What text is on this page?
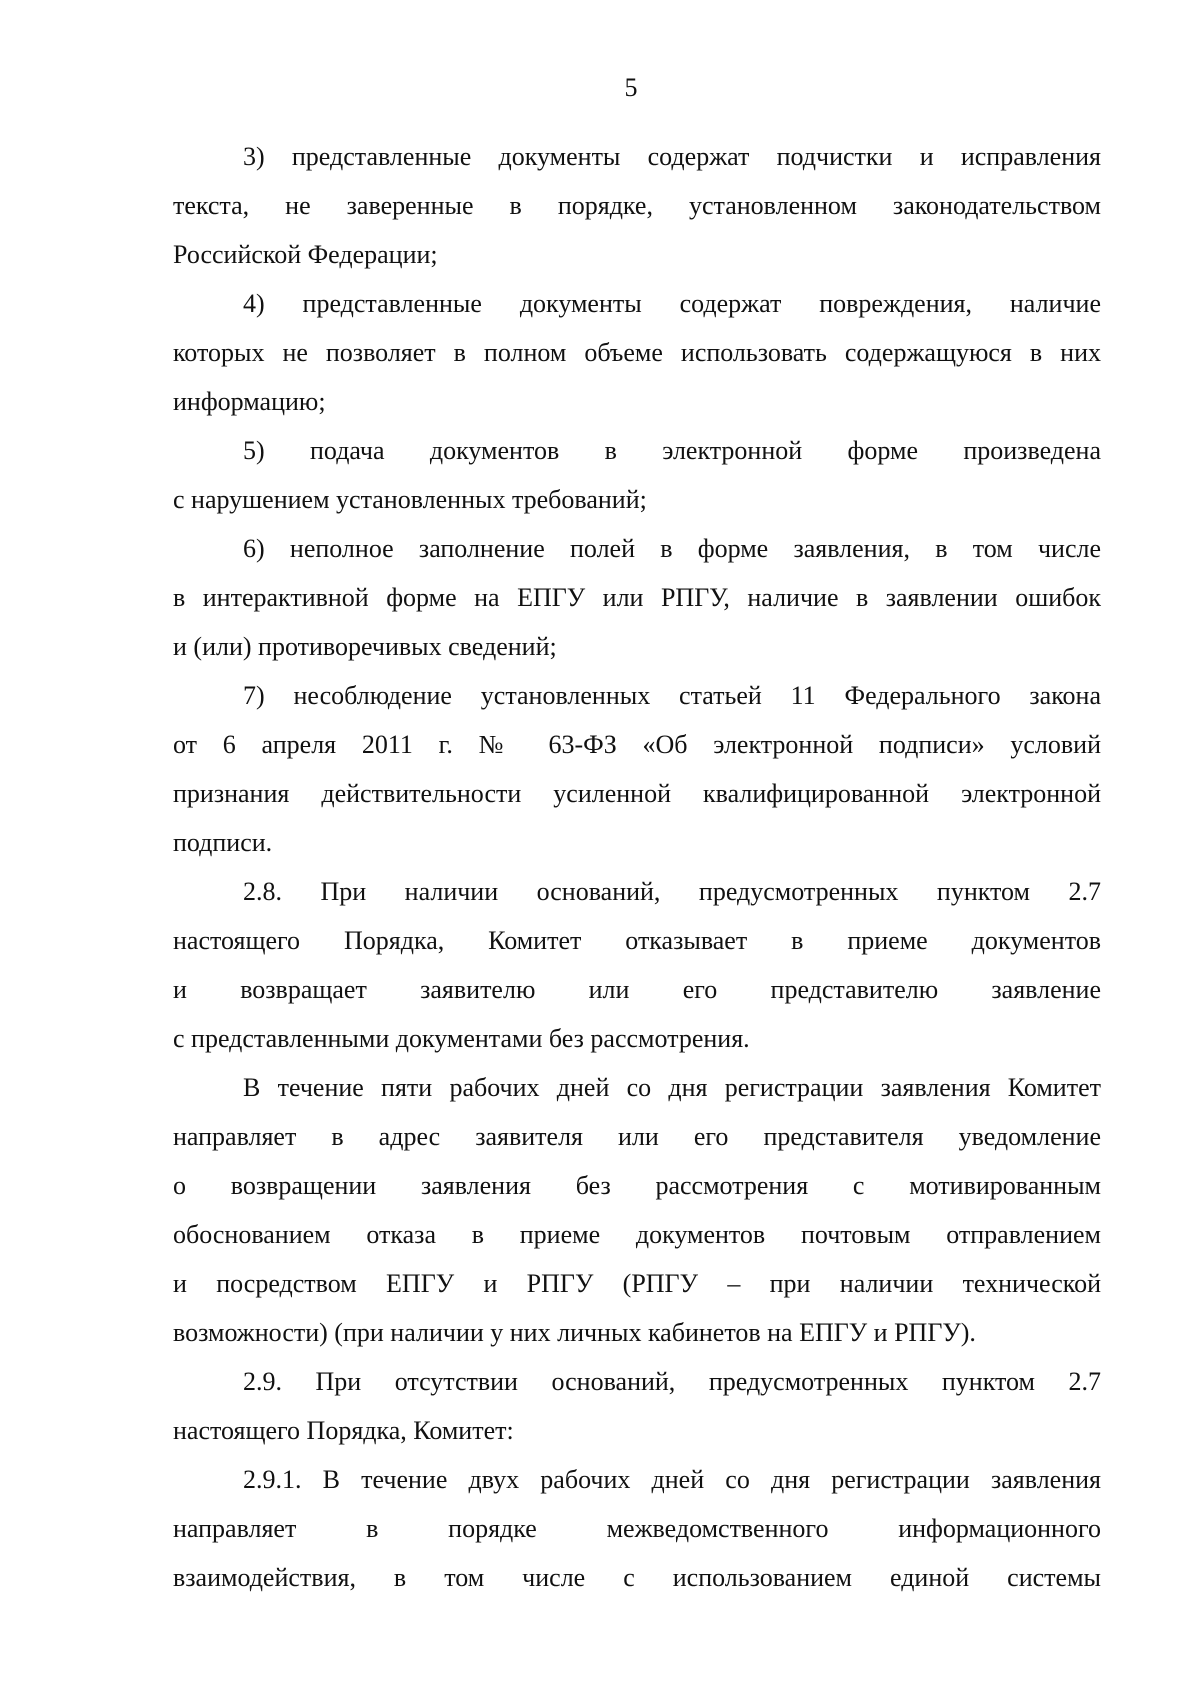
5
3) представленные документы содержат подчистки и исправления
текста, не заверенные в порядке, установленном законодательством
Российской Федерации;
4) представленные документы содержат повреждения, наличие
которых не позволяет в полном объеме использовать содержащуюся в них
информацию;
5) подача документов в электронной форме произведена
с нарушением установленных требований;
6) неполное заполнение полей в форме заявления, в том числе
в интерактивной форме на ЕПГУ или РПГУ, наличие в заявлении ошибок
и (или) противоречивых сведений;
7) несоблюдение установленных статьей 11 Федерального закона
от 6 апреля 2011 г. № 63-ФЗ «Об электронной подписи» условий
признания действительности усиленной квалифицированной электронной
подписи.
2.8. При наличии оснований, предусмотренных пунктом 2.7
настоящего Порядка, Комитет отказывает в приеме документов
и возвращает заявителю или его представителю заявление
с представленными документами без рассмотрения.
В течение пяти рабочих дней со дня регистрации заявления Комитет
направляет в адрес заявителя или его представителя уведомление
о возвращении заявления без рассмотрения с мотивированным
обоснованием отказа в приеме документов почтовым отправлением
и посредством ЕПГУ и РПГУ (РПГУ – при наличии технической
возможности) (при наличии у них личных кабинетов на ЕПГУ и РПГУ).
2.9. При отсутствии оснований, предусмотренных пунктом 2.7
настоящего Порядка, Комитет:
2.9.1. В течение двух рабочих дней со дня регистрации заявления
направляет в порядке межведомственного информационного
взаимодействия, в том числе с использованием единой системы
